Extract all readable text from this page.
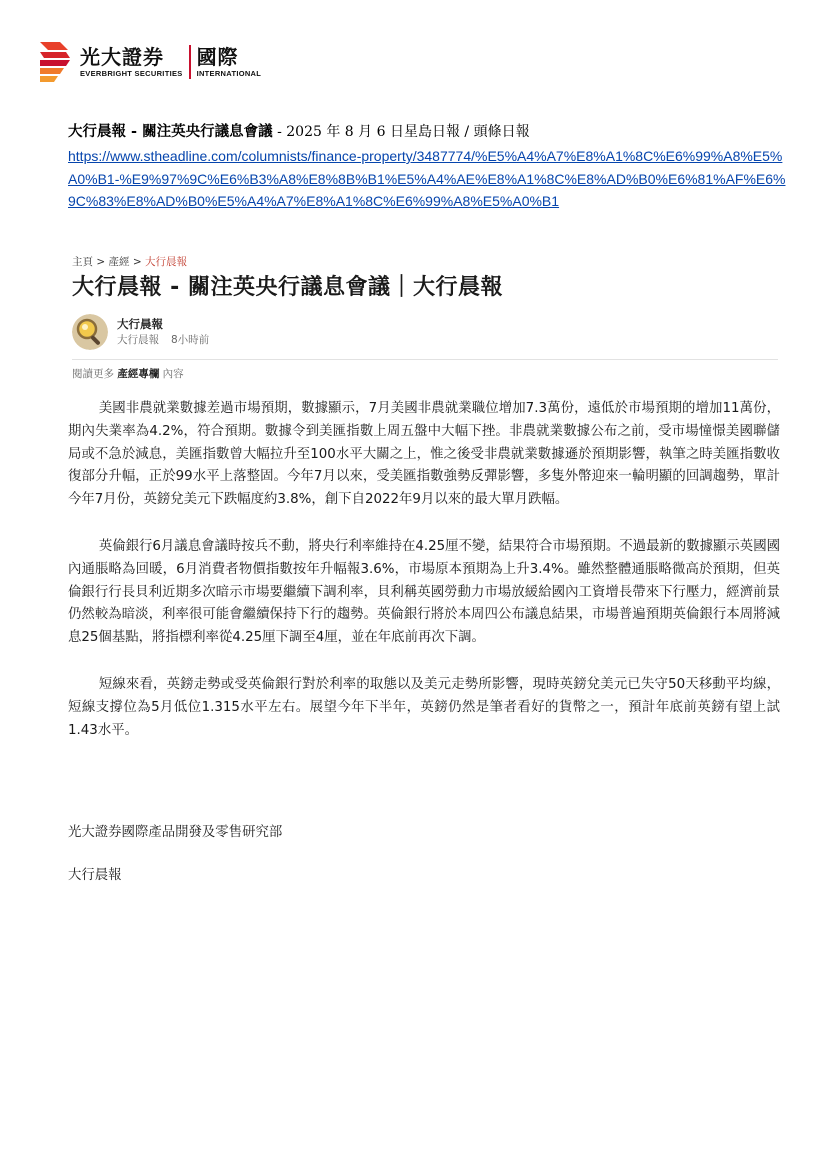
光大證券
EVERBRIGHT SECURITIES
國際
INTERNATIONAL
大行晨報 - 關注英央行議息會議 - 2025 年 8 月 6 日星島日報 / 頭條日報
https://www.stheadline.com/columnists/finance-property/3487774/%E5%A4%A7%E8%A1%8C%E6%99%A8%E5%A0%B1-%E9%97%9C%E6%B3%A8%E8%8B%B1%E5%A4%AE%E8%A1%8C%E8%AD%B0%E6%81%AF%E6%9C%83%E8%AD%B0%E5%A4%A7%E8%A1%8C%E6%99%A8%E5%A0%B1
主頁 > 產經 > 大行晨報
大行晨報 - 關注英央行議息會議｜大行晨報
大行晨報
大行晨報 8小時前
閱讀更多 產經專欄 內容

美國非農就業數據差過市場預期，數據顯示，7月美國非農就業職位增加7.3萬份，遠低於市場預期的增加11萬份，期內失業率為4.2%，符合預期。數據令到美匯指數上周五盤中大幅下挫。非農就業數據公布之前，受市場憧憬美國聯儲局或不急於減息，美匯指數曾大幅拉升至100水平大關之上，惟之後受非農就業數據遜於預期影響，執筆之時美匯指數收復部分升幅，正於99水平上落整固。今年7月以來，受美匯指數強勢反彈影響，多隻外幣迎來一輪明顯的回調趨勢，單計今年7月份，英鎊兌美元下跌幅度約3.8%，創下自2022年9月以來的最大單月跌幅。

英倫銀行6月議息會議時按兵不動，將央行利率維持在4.25厘不變，結果符合市場預期。不過最新的數據顯示英國國內通脹略為回暖，6月消費者物價指數按年升幅報3.6%，市場原本預期為上升3.4%。雖然整體通脹略微高於預期，但英倫銀行行長貝利近期多次暗示市場要繼續下調利率，貝利稱英國勞動力市場放緩給國內工資增長帶來下行壓力，經濟前景仍然較為暗淡，利率很可能會繼續保持下行的趨勢。英倫銀行將於本周四公布議息結果，市場普遍預期英倫銀行本周將減息25個基點，將指標利率從4.25厘下調至4厘，並在年底前再次下調。

短線來看，英鎊走勢或受英倫銀行對於利率的取態以及美元走勢所影響，現時英鎊兌美元已失守50天移動平均線，短線支撐位為5月低位1.315水平左右。展望今年下半年，英鎊仍然是筆者看好的貨幣之一，預計年底前英鎊有望上試1.43水平。

光大證券國際產品開發及零售研究部
大行晨報
